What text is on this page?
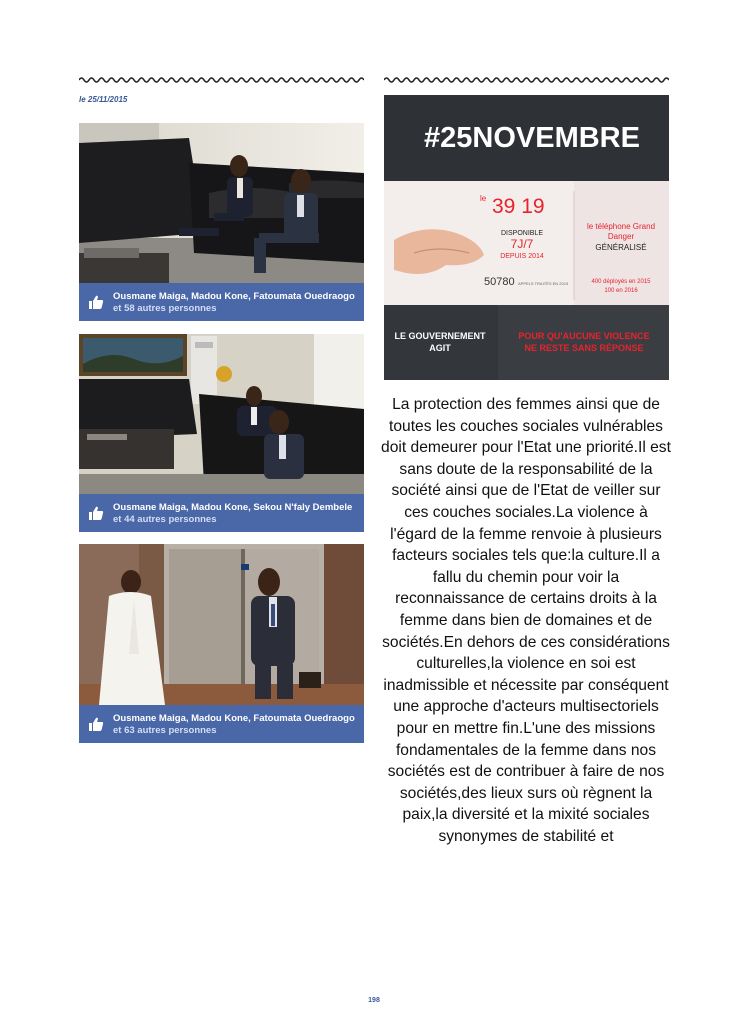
le 25/11/2015
Ousmane Maiga, Madou Kone, Fatoumata Ouedraogo et 58 autres personnes
Ousmane Maiga, Madou Kone, Sekou N'faly Dembele et 44 autres personnes
Ousmane Maiga, Madou Kone, Fatoumata Ouedraogo et 63 autres personnes
#25NOVEMBRE
le 39 19
DISPONIBLE
7J/7
DEPUIS 2014
50780 APPELS TRAITÉS EN 2015
le téléphone Grand
Danger
GÉNÉRALISÉ
400 déployés en 2015
100 en 2016
LE GOUVERNEMENT
AGIT
POUR QU'AUCUNE VIOLENCE
NE RESTE SANS RÉPONSE
La protection des femmes ainsi que de toutes les couches sociales vulnérables doit demeurer pour l'Etat une priorité.Il est sans doute de la responsabilité de la société ainsi que de l'Etat de veiller sur ces couches sociales.La violence à l'égard de la femme renvoie à plusieurs facteurs sociales tels que:la culture.Il a fallu du chemin pour voir la reconnaissance de certains droits à la femme dans bien de domaines et de sociétés.En dehors de ces considérations culturelles,la violence en soi est inadmissible et nécessite par conséquent une approche d'acteurs multisectoriels pour en mettre fin.L'une des missions fondamentales de la femme dans nos sociétés est de contribuer à faire de nos sociétés,des lieux surs où règnent la paix,la diversité et la mixité sociales synonymes de stabilité et
198
